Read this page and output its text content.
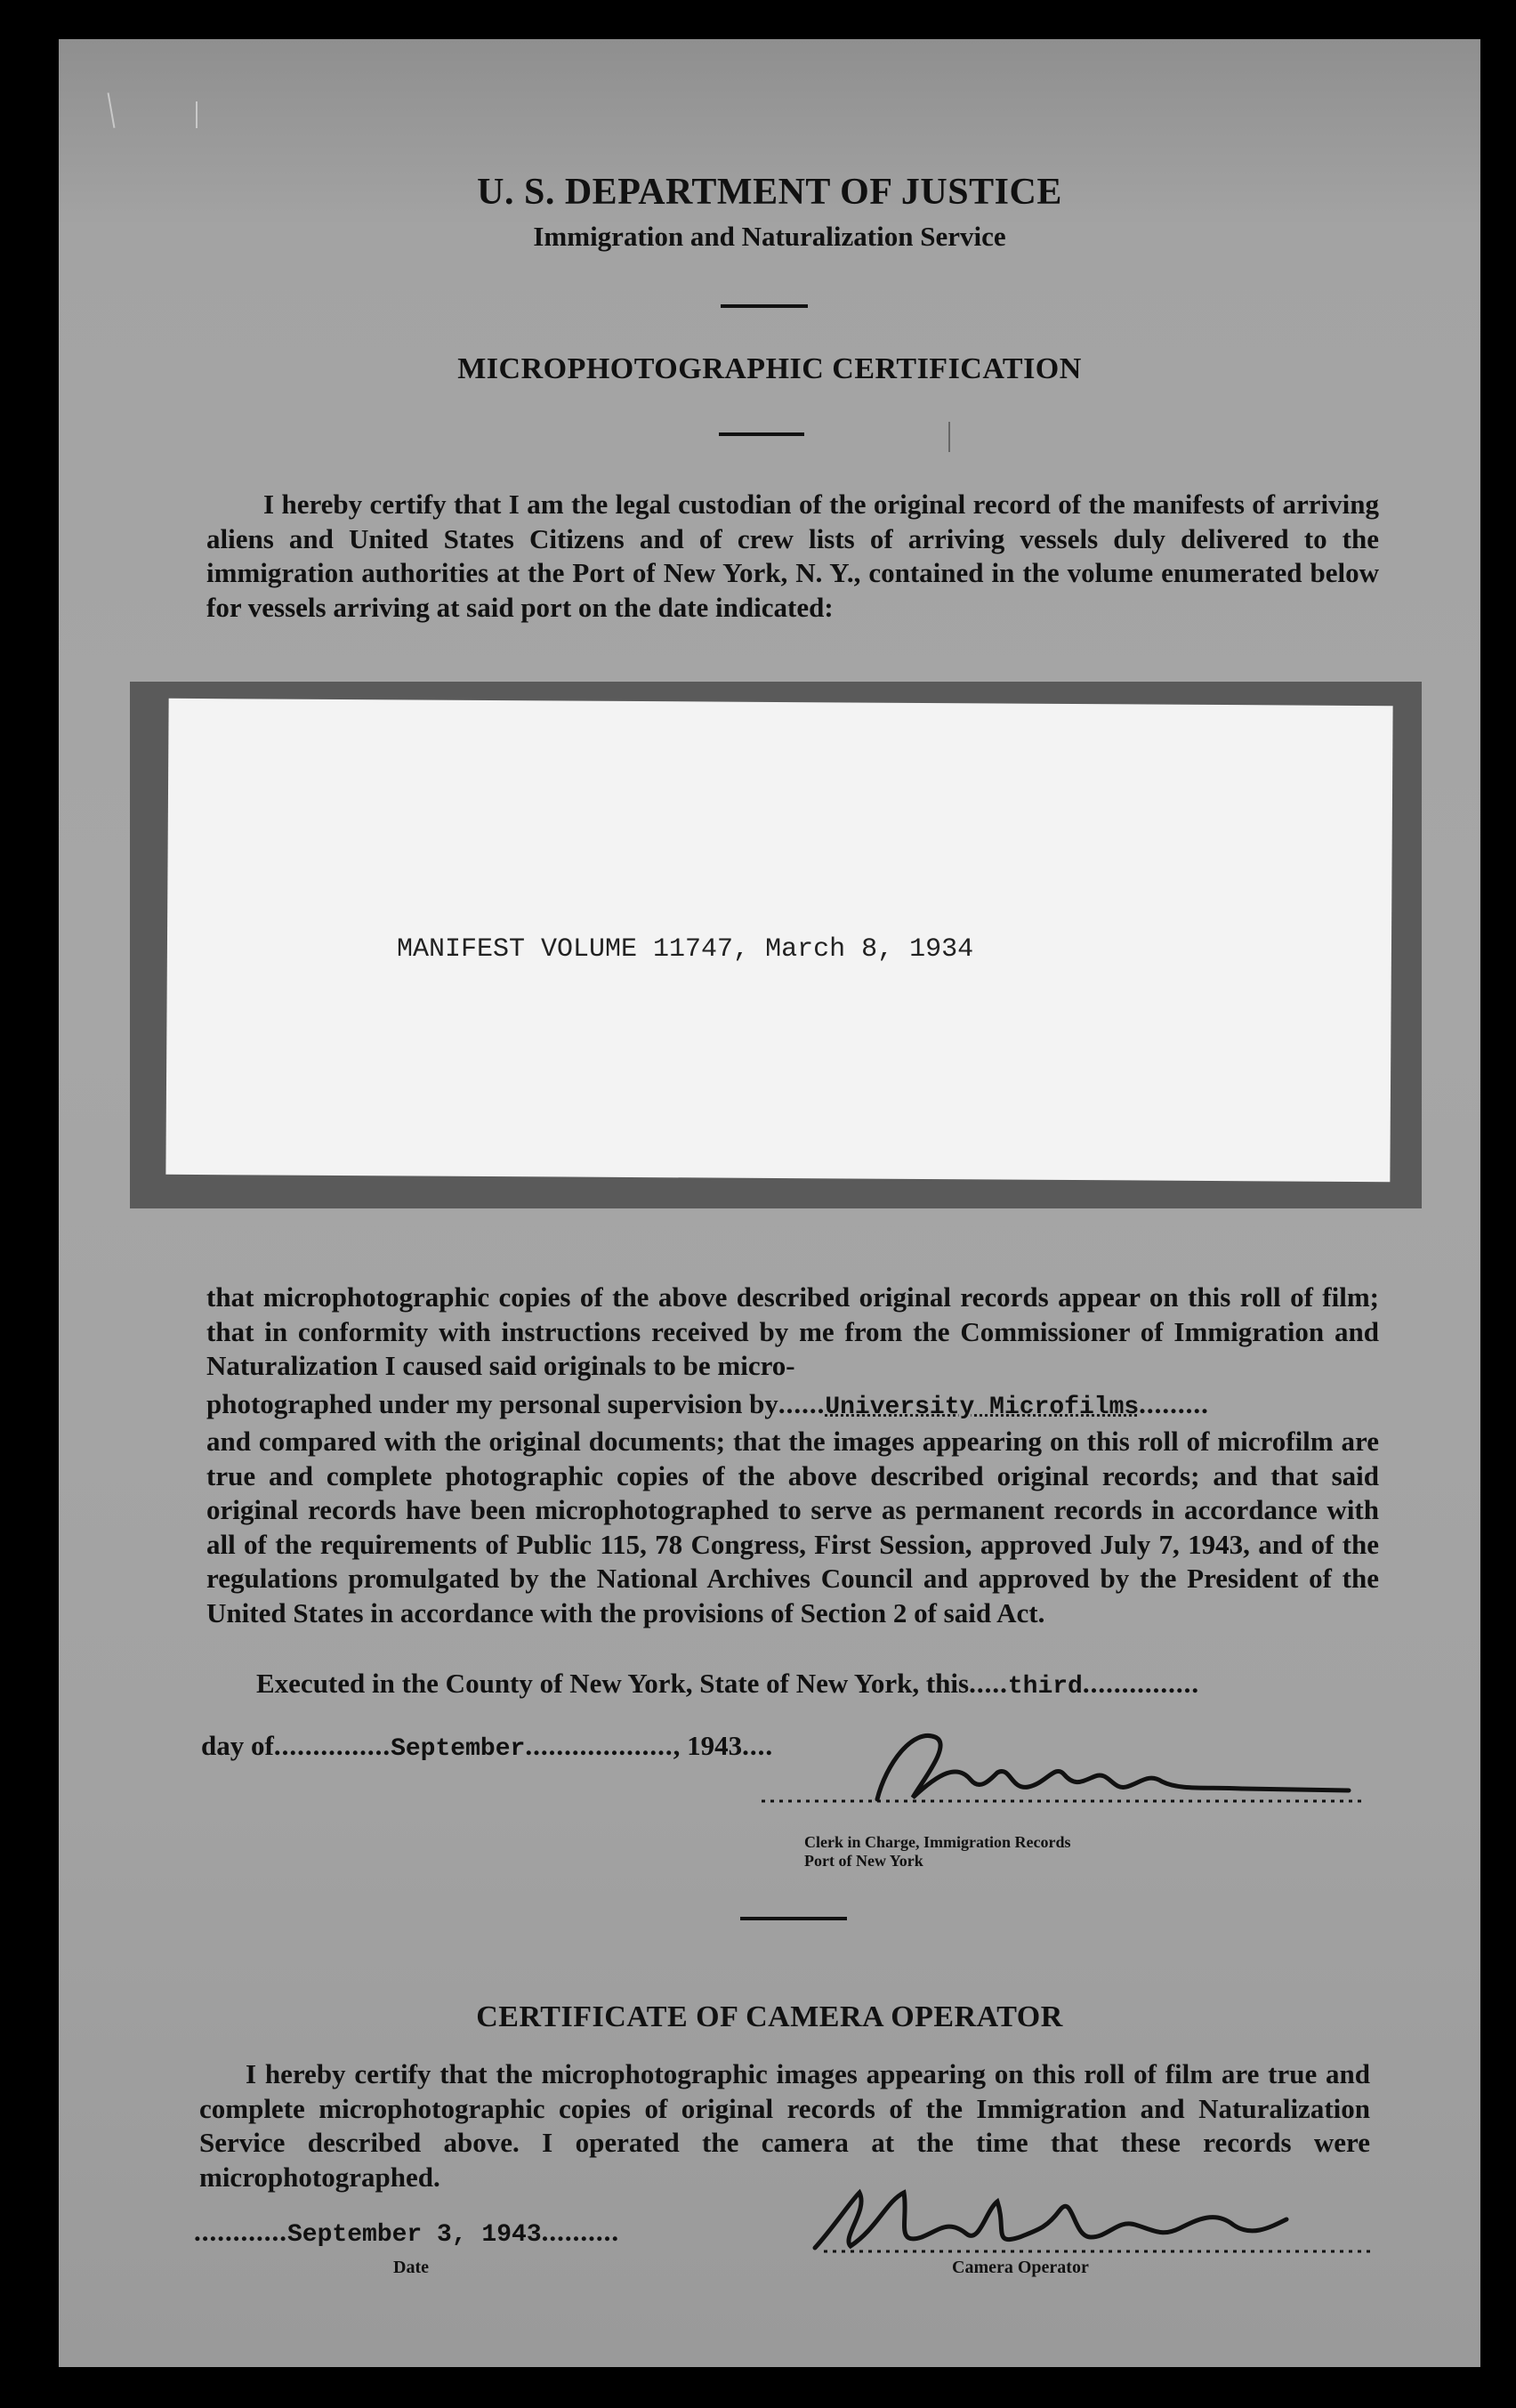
U. S. DEPARTMENT OF JUSTICE
Immigration and Naturalization Service
MICROPHOTOGRAPHIC CERTIFICATION
I hereby certify that I am the legal custodian of the original record of the manifests of arriving aliens and United States Citizens and of crew lists of arriving vessels duly delivered to the immigration authorities at the Port of New York, N. Y., contained in the volume enumerated below for vessels arriving at said port on the date indicated:
MANIFEST VOLUME 11747, March 8, 1934
that microphotographic copies of the above described original records appear on this roll of film; that in conformity with instructions received by me from the Commissioner of Immigration and Naturalization I caused said originals to be micro-
photographed under my personal supervision by......University Microfilms.........
and compared with the original documents; that the images appearing on this roll of microfilm are true and complete photographic copies of the above described original records; and that said original records have been microphotographed to serve as permanent records in accordance with all of the requirements of Public 115, 78 Congress, First Session, approved July 7, 1943, and of the regulations promulgated by the National Archives Council and approved by the President of the United States in accordance with the provisions of Section 2 of said Act.
Executed in the County of New York, State of New York, this.....third...............
day of...............September..................., 1943....
Clerk in Charge, Immigration Records
Port of New York
CERTIFICATE OF CAMERA OPERATOR
I hereby certify that the microphotographic images appearing on this roll of film are true and complete microphotographic copies of original records of the Immigration and Naturalization Service described above. I operated the camera at the time that these records were microphotographed.
............September 3, 1943..........
Date	Camera Operator
